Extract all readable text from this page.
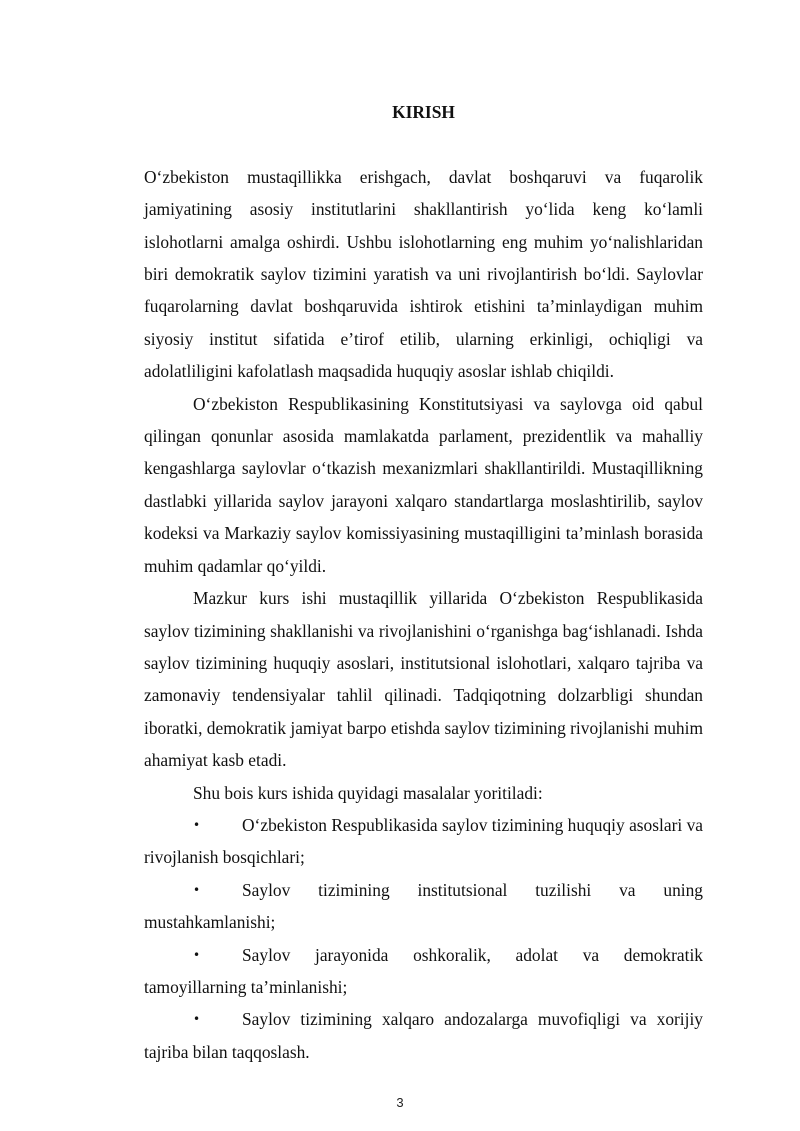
KIRISH

Oʻzbekiston mustaqillikka erishgach, davlat boshqaruvi va fuqarolik jamiyatining asosiy institutlarini shakllantirish yoʻlida keng koʻlamli islohotlarni amalga oshirdi. Ushbu islohotlarning eng muhim yoʻnalishlaridan biri demokratik saylov tizimini yaratish va uni rivojlantirish boʻldi. Saylovlar fuqarolarning davlat boshqaruvida ishtirok etishini taʼminlaydigan muhim siyosiy institut sifatida eʼtirof etilib, ularning erkinligi, ochiqligi va adolatliligini kafolatlash maqsadida huquqiy asoslar ishlab chiqildi.

Oʻzbekiston Respublikasining Konstitutsiyasi va saylovga oid qabul qilingan qonunlar asosida mamlakatda parlament, prezidentlik va mahalliy kengashlarga saylovlar oʻtkazish mexanizmlari shakllantirildi. Mustaqillikning dastlabki yillarida saylov jarayoni xalqaro standartlarga moslashtirilib, saylov kodeksi va Markaziy saylov komissiyasining mustaqilligini taʼminlash borasida muhim qadamlar qoʻyildi.

Mazkur kurs ishi mustaqillik yillarida Oʻzbekiston Respublikasida saylov tizimining shakllanishi va rivojlanishini oʻrganishga bagʻishlanadi. Ishda saylov tizimining huquqiy asoslari, institutsional islohotlari, xalqaro tajriba va zamonaviy tendensiyalar tahlil qilinadi. Tadqiqotning dolzarbligi shundan iboratki, demokratik jamiyat barpo etishda saylov tizimining rivojlanishi muhim ahamiyat kasb etadi.

Shu bois kurs ishida quyidagi masalalar yoritiladi:

• Oʻzbekiston Respublikasida saylov tizimining huquqiy asoslari va rivojlanish bosqichlari;
• Saylov tizimining institutsional tuzilishi va uning mustahkamlanishi;
• Saylov jarayonida oshkoralik, adolat va demokratik tamoyillarning taʼminlanishi;
• Saylov tizimining xalqaro andozalarga muvofiqligi va xorijiy tajriba bilan taqqoslash.
3
